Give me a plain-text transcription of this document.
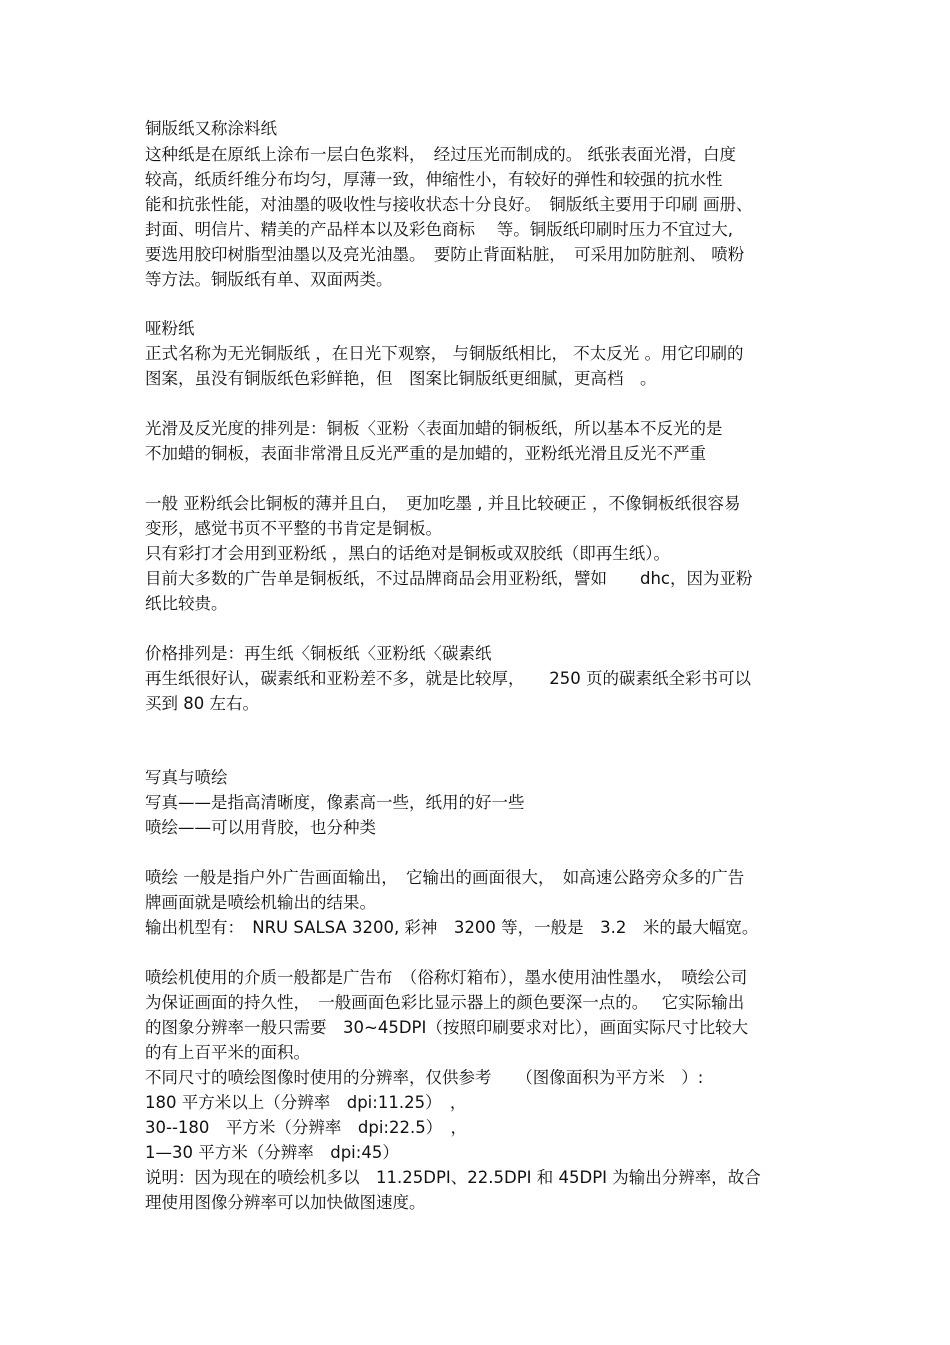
铜版纸又称涂料纸

这种纸是在原纸上涂布一层白色浆料，　经过压光而制成的。 纸张表面光滑，白度

较高，纸质纤维分布均匀，厚薄一致，伸缩性小，有较好的弹性和较强的抗水性

能和抗张性能，对油墨的吸收性与接收状态十分良好。　铜版纸主要用于印刷 画册、

封面、明信片、精美的产品样本以及彩色商标　 等。铜版纸印刷时压力不宜过大,

要选用胶印树脂型油墨以及亮光油墨。　要防止背面粘脏，　可采用加防脏剂、 喷粉

等方法。铜版纸有单、双面两类。

哑粉纸

正式名称为无光铜版纸 ，在日光下观察， 与铜版纸相比， 不太反光 。用它印刷的

图案，虽没有铜版纸色彩鲜艳，但　图案比铜版纸更细腻，更高档　。

光滑及反光度的排列是：铜板〈亚粉〈表面加蜡的铜板纸，所以基本不反光的是

不加蜡的铜板，表面非常滑且反光严重的是加蜡的，亚粉纸光滑且反光不严重

一般 亚粉纸会比铜板的薄并且白，　更加吃墨 , 并且比较硬正 ，不像铜板纸很容易

变形，感觉书页不平整的书肯定是铜板。

只有彩打才会用到亚粉纸 ，黑白的话绝对是铜板或双胶纸（即再生纸）。

目前大多数的广告单是铜板纸，不过品牌商品会用亚粉纸，譬如　　dhc，因为亚粉

纸比较贵。

价格排列是：再生纸〈铜板纸〈亚粉纸〈碳素纸

再生纸很好认，碳素纸和亚粉差不多，就是比较厚，　　250 页的碳素纸全彩书可以

买到 80 左右。

写真与喷绘

写真——是指高清晰度，像素高一些，纸用的好一些

喷绘——可以用背胶，也分种类

喷绘 一般是指户外广告画面输出，　它输出的画面很大，　如高速公路旁众多的广告

牌画面就是喷绘机输出的结果。

输出机型有：　NRU SALSA 3200, 彩神　3200 等，一般是　3.2　米的最大幅宽。

喷绘机使用的介质一般都是广告布　（俗称灯箱布），墨水使用油性墨水，　喷绘公司

为保证画面的持久性，　一般画面色彩比显示器上的颜色要深一点的。　 它实际输出

的图象分辨率一般只需要　30~45DPI（按照印刷要求对比），画面实际尺寸比较大

的有上百平米的面积。

不同尺寸的喷绘图像时使用的分辨率，仅供参考　　（图像面积为平方米　）:

180 平方米以上（分辨率　dpi:11.25）　，

30--180　平方米（分辨率　dpi:22.5）　，

1—30 平方米（分辨率　dpi:45）

说明：因为现在的喷绘机多以　11.25DPI、22.5DPI 和 45DPI 为输出分辨率，故合

理使用图像分辨率可以加快做图速度。
